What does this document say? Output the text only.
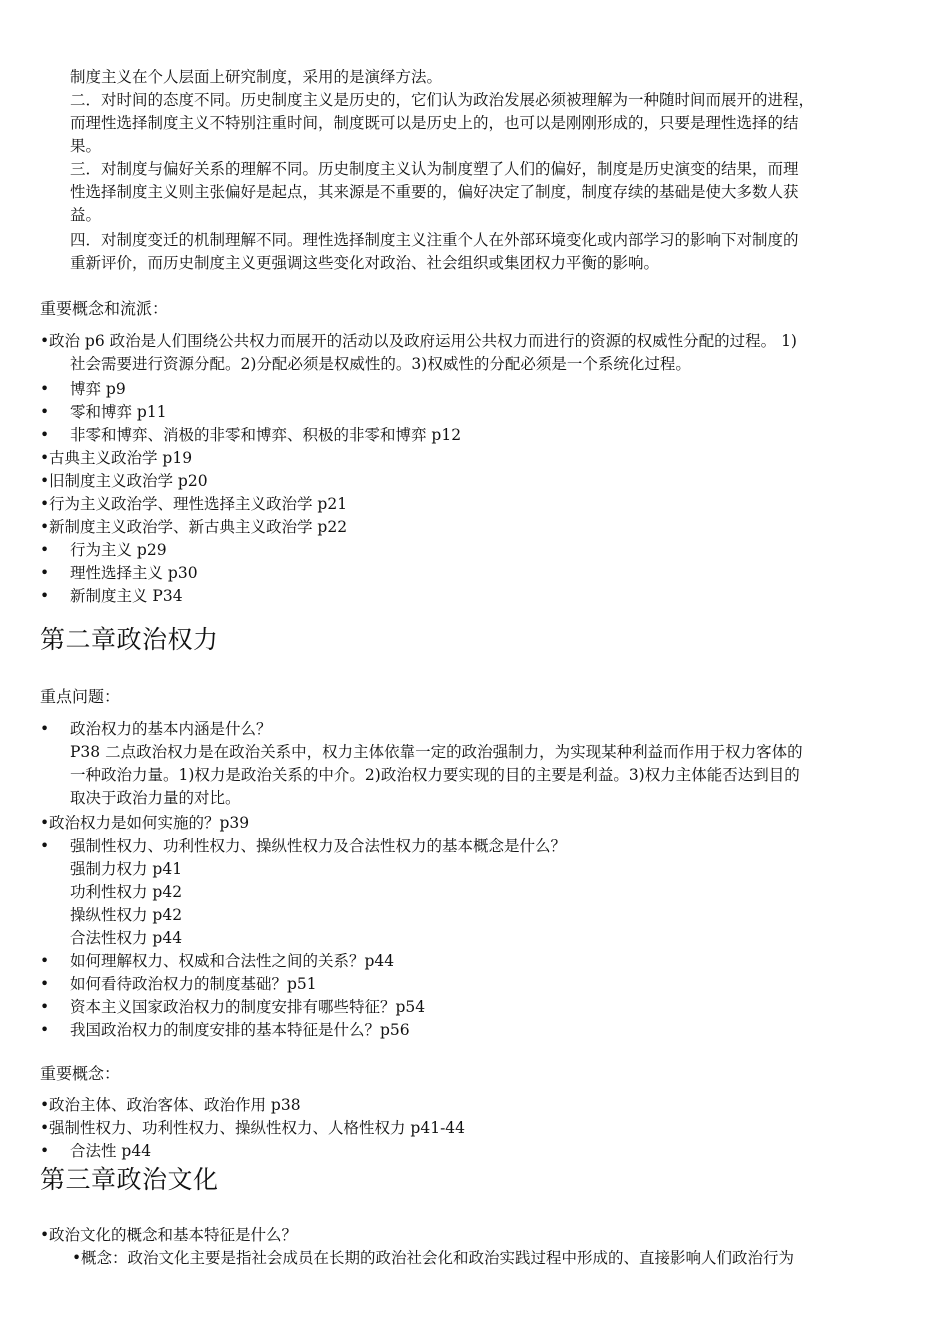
制度主义在个人层面上研究制度，采用的是演绎方法。
二．对时间的态度不同。历史制度主义是历史的，它们认为政治发展必须被理解为一种随时间而展开的进程，
而理性选择制度主义不特别注重时间，制度既可以是历史上的，也可以是刚刚形成的，只要是理性选择的结
果。
三．对制度与偏好关系的理解不同。历史制度主义认为制度塑了人们的偏好，制度是历史演变的结果，而理
性选择制度主义则主张偏好是起点，其来源是不重要的，偏好决定了制度，制度存续的基础是使大多数人获
益。
四．对制度变迁的机制理解不同。理性选择制度主义注重个人在外部环境变化或内部学习的影响下对制度的
重新评价，而历史制度主义更强调这些变化对政治、社会组织或集团权力平衡的影响。
重要概念和流派：
• 政治 p6 政治是人们围绕公共权力而展开的活动以及政府运用公共权力而进行的资源的权威性分配的过程。 1)
社会需要进行资源分配。2)分配必须是权威性的。3)权威性的分配必须是一个系统化过程。
• 博弈 p9
• 零和博弈 p11
• 非零和博弈、消极的非零和博弈、积极的非零和博弈 p12
• 古典主义政治学 p19
• 旧制度主义政治学 p20
• 行为主义政治学、理性选择主义政治学 p21
• 新制度主义政治学、新古典主义政治学 p22
• 行为主义 p29
• 理性选择主义 p30
• 新制度主义 P34
第二章政治权力
重点问题：
• 政治权力的基本内涵是什么？
P38 二点政治权力是在政治关系中，权力主体依靠一定的政治强制力，为实现某种利益而作用于权力客体的
一种政治力量。1)权力是政治关系的中介。2)政治权力要实现的目的主要是利益。3)权力主体能否达到目的
取决于政治力量的对比。
• 政治权力是如何实施的？p39
• 强制性权力、功利性权力、操纵性权力及合法性权力的基本概念是什么？
强制力权力 p41
功利性权力 p42
操纵性权力 p42
合法性权力 p44
• 如何理解权力、权威和合法性之间的关系？p44
• 如何看待政治权力的制度基础？p51
• 资本主义国家政治权力的制度安排有哪些特征？p54
• 我国政治权力的制度安排的基本特征是什么？p56
重要概念：
• 政治主体、政治客体、政治作用 p38
• 强制性权力、功利性权力、操纵性权力、人格性权力 p41-44
• 合法性 p44
第三章政治文化
• 政治文化的概念和基本特征是什么？
• 概念：政治文化主要是指社会成员在长期的政治社会化和政治实践过程中形成的、直接影响人们政治行为
